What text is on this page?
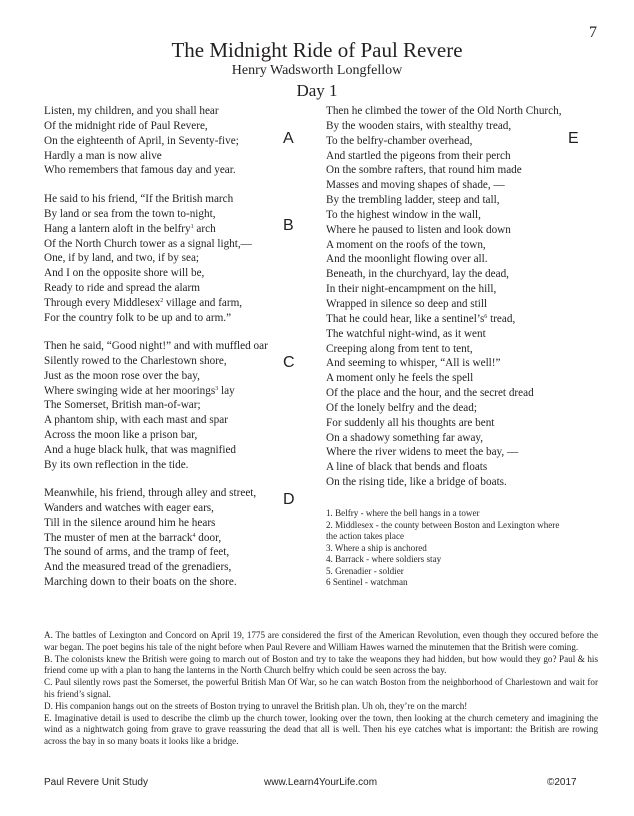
7
The Midnight Ride of Paul Revere
Henry Wadsworth Longfellow
Day 1
Listen, my children, and you shall hear
Of the midnight ride of Paul Revere,
On the eighteenth of April, in Seventy-five;
Hardly a man is now alive
Who remembers that famous day and year.
He said to his friend, “If the British march
By land or sea from the town to-night,
Hang a lantern aloft in the belfry$^1$ arch
Of the North Church tower as a signal light,—
One, if by land, and two, if by sea;
And I on the opposite shore will be,
Ready to ride and spread the alarm
Through every Middlesex$^2$ village and farm,
For the country folk to be up and to arm.”
Then he said, “Good night!” and with muffled oar
Silently rowed to the Charlestown shore,
Just as the moon rose over the bay,
Where swinging wide at her moorings$^3$ lay
The Somerset, British man-of-war;
A phantom ship, with each mast and spar
Across the moon like a prison bar,
And a huge black hulk, that was magnified
By its own reflection in the tide.
Meanwhile, his friend, through alley and street,
Wanders and watches with eager ears,
Till in the silence around him he hears
The muster of men at the barrack$^4$ door,
The sound of arms, and the tramp of feet,
And the measured tread of the grenadiers,
Marching down to their boats on the shore.
Then he climbed the tower of the Old North Church,
By the wooden stairs, with stealthy tread,
To the belfry-chamber overhead,
And startled the pigeons from their perch
On the sombre rafters, that round him made
Masses and moving shapes of shade, —
By the trembling ladder, steep and tall,
To the highest window in the wall,
Where he paused to listen and look down
A moment on the roofs of the town,
And the moonlight flowing over all.
Beneath, in the churchyard, lay the dead,
In their night-encampment on the hill,
Wrapped in silence so deep and still
That he could hear, like a $sentinel’s^6$ tread,
The watchful night-wind, as it went
Creeping along from tent to tent,
And seeming to whisper, “All is well!”
A moment only he feels the spell
Of the place and the hour, and the secret dread
Of the lonely belfry and the dead;
For suddenly all his thoughts are bent
On a shadowy something far away,
Where the river widens to meet the bay, —
A line of black that bends and floats
On the rising tide, like a bridge of boats.
A
B
C
D
E
1. Belfry - where the bell hangs in a tower
2. Middlesex - the county between Boston and Lexington where
the action takes place
3. Where a ship is anchored
4. Barrack - where soldiers stay
5. Grenadier - soldier
6 Sentinel - watchman

A. The battles of Lexington and Concord on April 19, 1775 are considered the first of the American Revolution, even though they occured before the war began. The poet begins his tale of the night before when Paul Revere and William Hawes warned the minutemen that the British were coming.

B. The colonists knew the British were going to march out of Boston and try to take the weapons they had hidden, but how would they go? Paul & his friend come up with a plan to hang the lanterns in the North Church belfry which could be seen across the bay.

C. Paul silently rows past the Somerset, the powerful British Man Of War, so he can watch Boston from the neighborhood of Charlestown and wait for his friend’s signal.

D. His companion hangs out on the streets of Boston trying to unravel the British plan. Uh oh, they’re on the march!

E. Imaginative detail is used to describe the climb up the church tower, looking over the town, then looking at the church cemetery and imagining the wind as a nightwatch going from grave to grave reassuring the dead that all is well. Then his eye catches what is important: the British are rowing across the bay in so many boats it looks like a bridge.

Paul Revere Unit Study	www.Learn4YourLife.com	©2017
